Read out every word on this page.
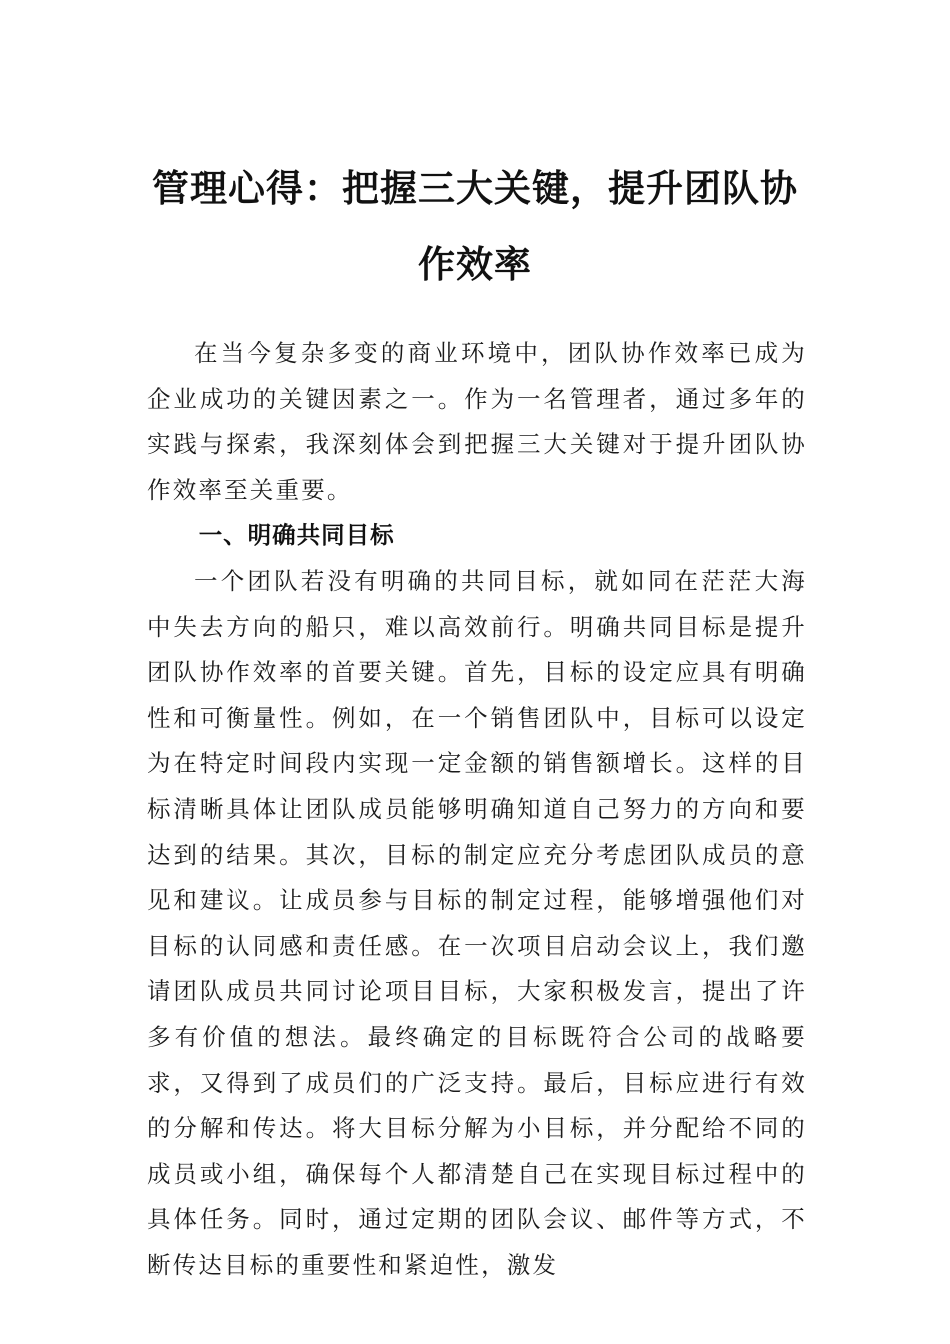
管理心得：把握三大关键，提升团队协作效率

在当今复杂多变的商业环境中，团队协作效率已成为企业成功的关键因素之一。作为一名管理者，通过多年的实践与探索，我深刻体会到把握三大关键对于提升团队协作效率至关重要。

一、明确共同目标

一个团队若没有明确的共同目标，就如同在茫茫大海中失去方向的船只，难以高效前行。明确共同目标是提升团队协作效率的首要关键。首先，目标的设定应具有明确性和可衡量性。例如，在一个销售团队中，目标可以设定为在特定时间段内实现一定金额的销售额增长。这样的目标清晰具体让团队成员能够明确知道自己努力的方向和要达到的结果。其次，目标的制定应充分考虑团队成员的意见和建议。让成员参与目标的制定过程，能够增强他们对目标的认同感和责任感。在一次项目启动会议上，我们邀请团队成员共同讨论项目目标，大家积极发言，提出了许多有价值的想法。最终确定的目标既符合公司的战略要求，又得到了成员们的广泛支持。最后，目标应进行有效的分解和传达。将大目标分解为小目标，并分配给不同的成员或小组，确保每个人都清楚自己在实现目标过程中的具体任务。同时，通过定期的团队会议、邮件等方式，不断传达目标的重要性和紧迫性，激发
